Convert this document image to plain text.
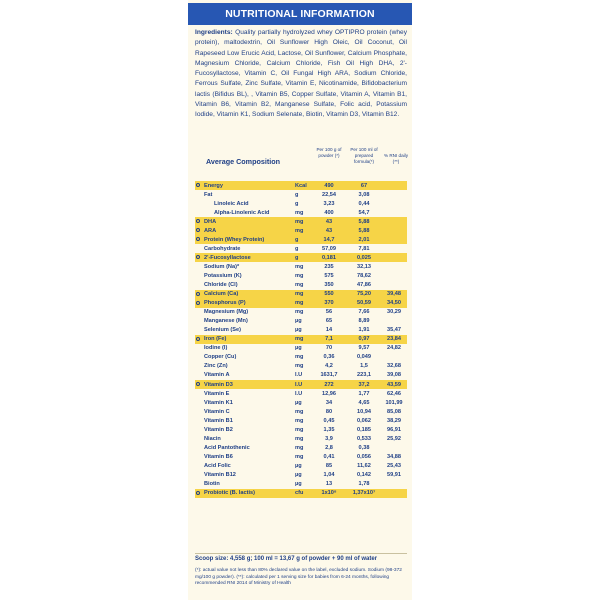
NUTRITIONAL INFORMATION
Ingredients: Quality partially hydrolyzed whey OPTIPRO protein (whey protein), maltodextrin, Oil Sunflower High Oleic, Oil Coconut, Oil Rapeseed Low Erucic Acid, Lactose, Oil Sunflower, Calcium Phosphate, Magnesium Chloride, Calcium Chloride, Fish Oil High DHA, 2'-Fucosyllactose, Vitamin C, Oil Fungal High ARA, Sodium Chloride, Ferrous Sulfate, Zinc Sulfate, Vitamin E, Nicotinamide, Bifidobacterium lactis (Bifidus BL), , Vitamin B5, Copper Sulfate, Vitamin A, Vitamin B1, Vitamin B6, Vitamin B2, Manganese Sulfate, Folic acid, Potassium Iodide, Vitamin K1, Sodium Selenate, Biotin, Vitamin D3, Vitamin B12.
Average Composition
Per 100 g of powder (*)
Per 100 ml of prepared formula(*)
% RNI daily (**)
Energy	Kcal	490	67
Fat	g	22,54	3,08
Linoleic Acid	g	3,23	0,44
Alpha-Linolenic Acid	mg	400	54,7
DHA	mg	43	5,88
ARA	mg	43	5,88
Protein (Whey Protein)	g	14,7	2,01
Carbohydrate	g	57,09	7,81
2'-Fucosyllactose	g	0,181	0,025
Sodium (Na)*	mg	235	32,13
Potassium (K)	mg	575	78,62
Chloride (Cl)	mg	350	47,86
Calcium (Ca)	mg	550	75,20	39,48
Phosphorus (P)	mg	370	50,59	34,50
Magnesium (Mg)	mg	56	7,66	30,29
Manganese (Mn)	µg	65	8,89
Selenium (Se)	µg	14	1,91	35,47
Iron (Fe)	mg	7,1	0,97	23,84
Iodine (I)	µg	70	9,57	24,82
Copper (Cu)	mg	0,36	0,049
Zinc (Zn)	mg	4,2	1,5	32,68
Vitamin A	I.U	1631,7	223,1	39,08
Vitamin D3	I.U	272	37,2	43,59
Vitamin E	I.U	12,96	1,77	62,46
Vitamin K1	µg	34	4,65	101,99
Vitamin C	mg	80	10,94	85,08
Vitamin B1	mg	0,45	0,062	38,29
Vitamin B2	mg	1,35	0,185	96,91
Niacin	mg	3,9	0,533	25,92
Acid Pantothenic	mg	2,8	0,38
Vitamin B6	mg	0,41	0,056	34,88
Acid Folic	µg	85	11,62	25,43
Vitamin B12	µg	1,04	0,142	59,91
Biotin	µg	13	1,78
Probiotic (B. lactis)	cfu	1x10⁸	1,37x10⁷
Scoop size: 4,558 g; 100 ml = 13,67 g of powder + 90 ml of water
(*): actual value not less than 80% declared value on the label, excluded sodium. Sodium (98-372 mg/100 g powder). (**): calculated per 1 serving size for babies from 6-24 months, following recommended RNI 2014 of Ministry of Health
